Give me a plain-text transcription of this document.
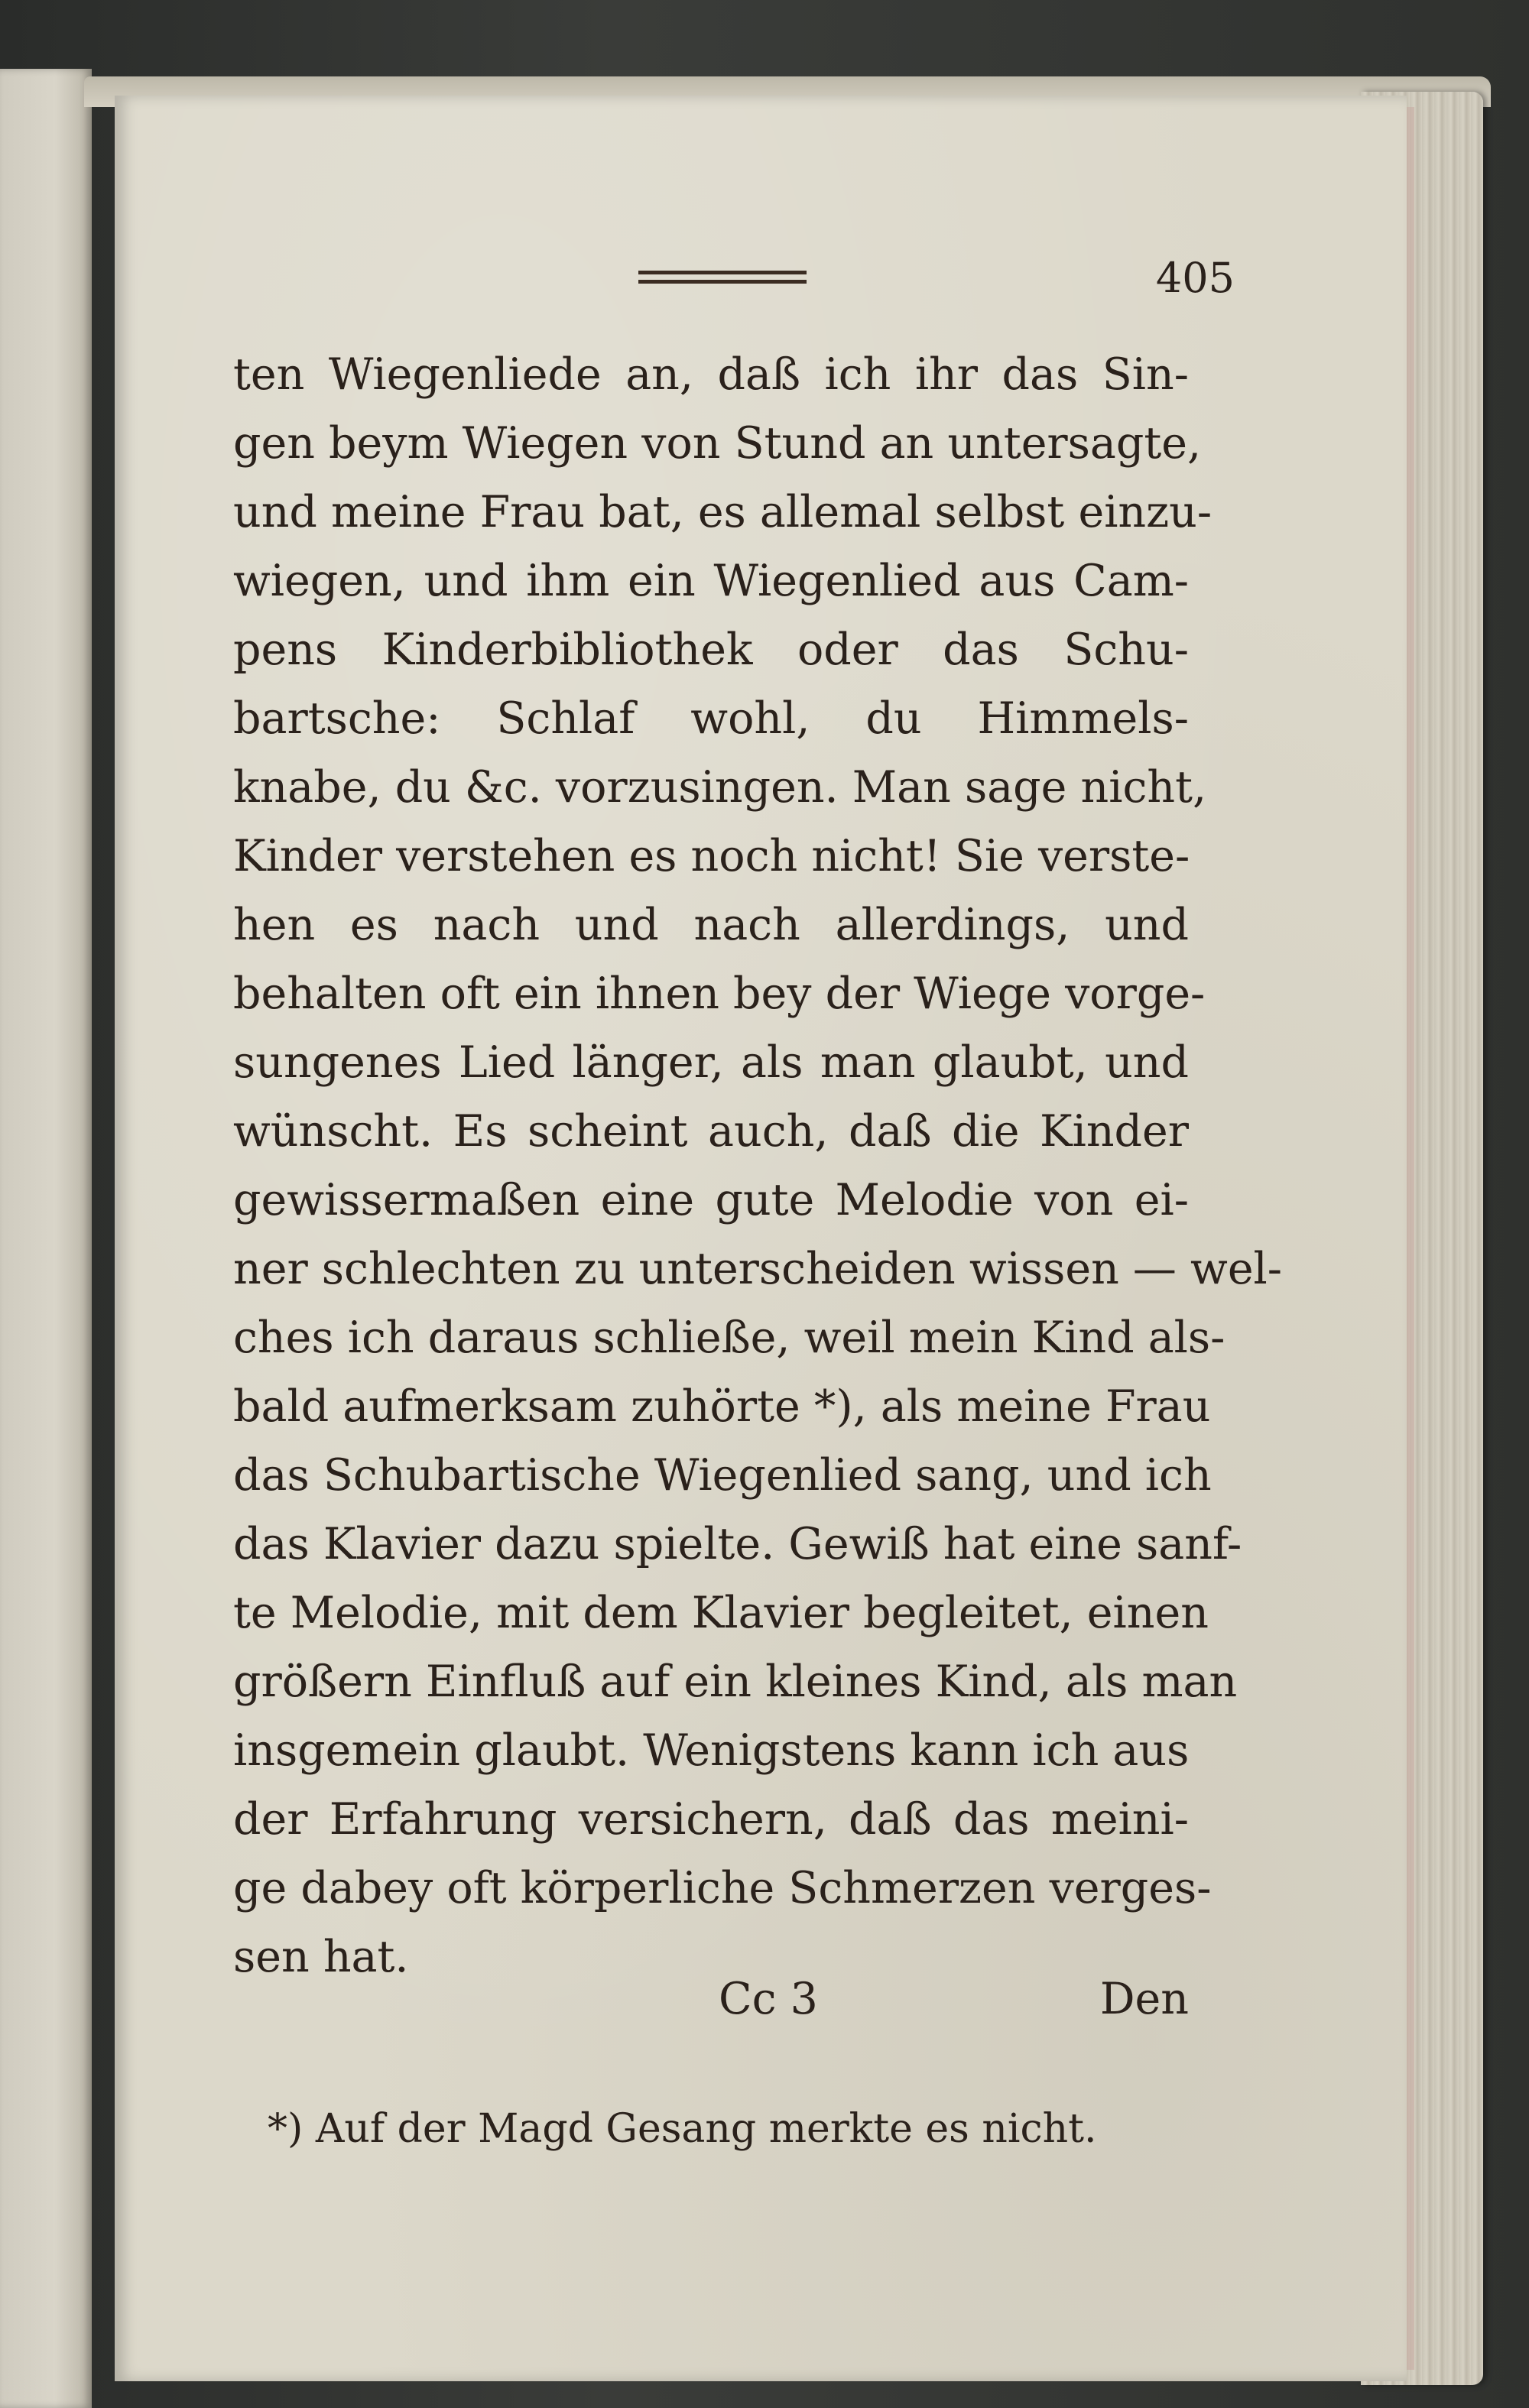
405
ten Wiegenliede an, daß ich ihr das Sin-
gen beym Wiegen von Stund an untersagte,
und meine Frau bat, es allemal selbst einzu-
wiegen, und ihm ein Wiegenlied aus Cam-
pens Kinderbibliothek oder das Schu-
bartsche: Schlaf wohl, du Himmels-
knabe, du &c. vorzusingen. Man sage nicht,
Kinder verstehen es noch nicht! Sie verste-
hen es nach und nach allerdings, und
behalten oft ein ihnen bey der Wiege vorge-
sungenes Lied länger, als man glaubt, und
wünscht. Es scheint auch, daß die Kinder
gewissermaßen eine gute Melodie von ei-
ner schlechten zu unterscheiden wissen — wel-
ches ich daraus schließe, weil mein Kind als-
bald aufmerksam zuhörte *), als meine Frau
das Schubartische Wiegenlied sang, und ich
das Klavier dazu spielte. Gewiß hat eine sanf-
te Melodie, mit dem Klavier begleitet, einen
größern Einfluß auf ein kleines Kind, als man
insgemein glaubt. Wenigstens kann ich aus
der Erfahrung versichern, daß das meini-
ge dabey oft körperliche Schmerzen verges-
sen hat.
Cc 3	Den
*) Auf der Magd Gesang merkte es nicht.
